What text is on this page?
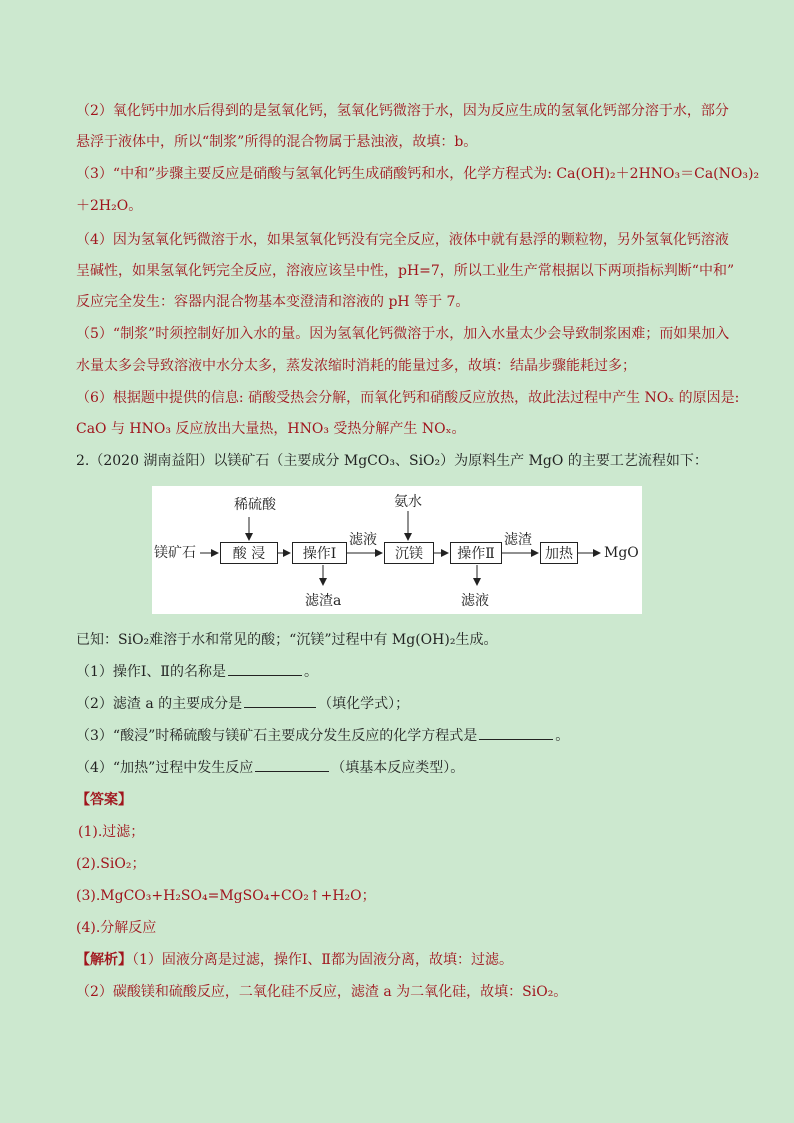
（2）氧化钙中加水后得到的是氢氧化钙，氢氧化钙微溶于水，因为反应生成的氢氧化钙部分溶于水，部分
悬浮于液体中，所以“制浆”所得的混合物属于悬浊液，故填：b。
（3）“中和”步骤主要反应是硝酸与氢氧化钙生成硝酸钙和水，化学方程式为: Ca(OH)₂＋2HNO₃＝Ca(NO₃)₂
＋2H₂O。
（4）因为氢氧化钙微溶于水，如果氢氧化钙没有完全反应，液体中就有悬浮的颗粒物，另外氢氧化钙溶液
呈碱性，如果氢氧化钙完全反应，溶液应该呈中性，pH=7，所以工业生产常根据以下两项指标判断“中和”
反应完全发生：容器内混合物基本变澄清和溶液的 pH 等于 7。
（5）“制浆”时须控制好加入水的量。因为氢氧化钙微溶于水，加入水量太少会导致制浆困难；而如果加入
水量太多会导致溶液中水分太多，蒸发浓缩时消耗的能量过多，故填：结晶步骤能耗过多；
（6）根据题中提供的信息: 硝酸受热会分解，而氧化钙和硝酸反应放热，故此法过程中产生 NOₓ 的原因是:
CaO 与 HNO₃ 反应放出大量热，HNO₃ 受热分解产生 NOₓ。
2.（2020 湖南益阳）以镁矿石（主要成分 MgCO₃、SiO₂）为原料生产 MgO 的主要工艺流程如下：
镁矿石
稀硫酸
酸 浸	操作Ⅰ
滤渣a
滤液
氨水
沉镁	操作Ⅱ
滤液
滤渣
加热	MgO
已知：SiO₂难溶于水和常见的酸；“沉镁”过程中有 Mg(OH)₂生成。
（1）操作Ⅰ、Ⅱ的名称是	。
（2）滤渣 a 的主要成分是	（填化学式）；
（3）“酸浸”时稀硫酸与镁矿石主要成分发生反应的化学方程式是	。
（4）“加热”过程中发生反应	（填基本反应类型）。
【答案】
(1).过滤；
(2).SiO₂；
(3).MgCO₃+H₂SO₄=MgSO₄+CO₂↑+H₂O；
(4).分解反应
【解析】（1）固液分离是过滤，操作Ⅰ、Ⅱ都为固液分离，故填：过滤。
（2）碳酸镁和硫酸反应，二氧化硅不反应，滤渣 a 为二氧化硅，故填：SiO₂。
